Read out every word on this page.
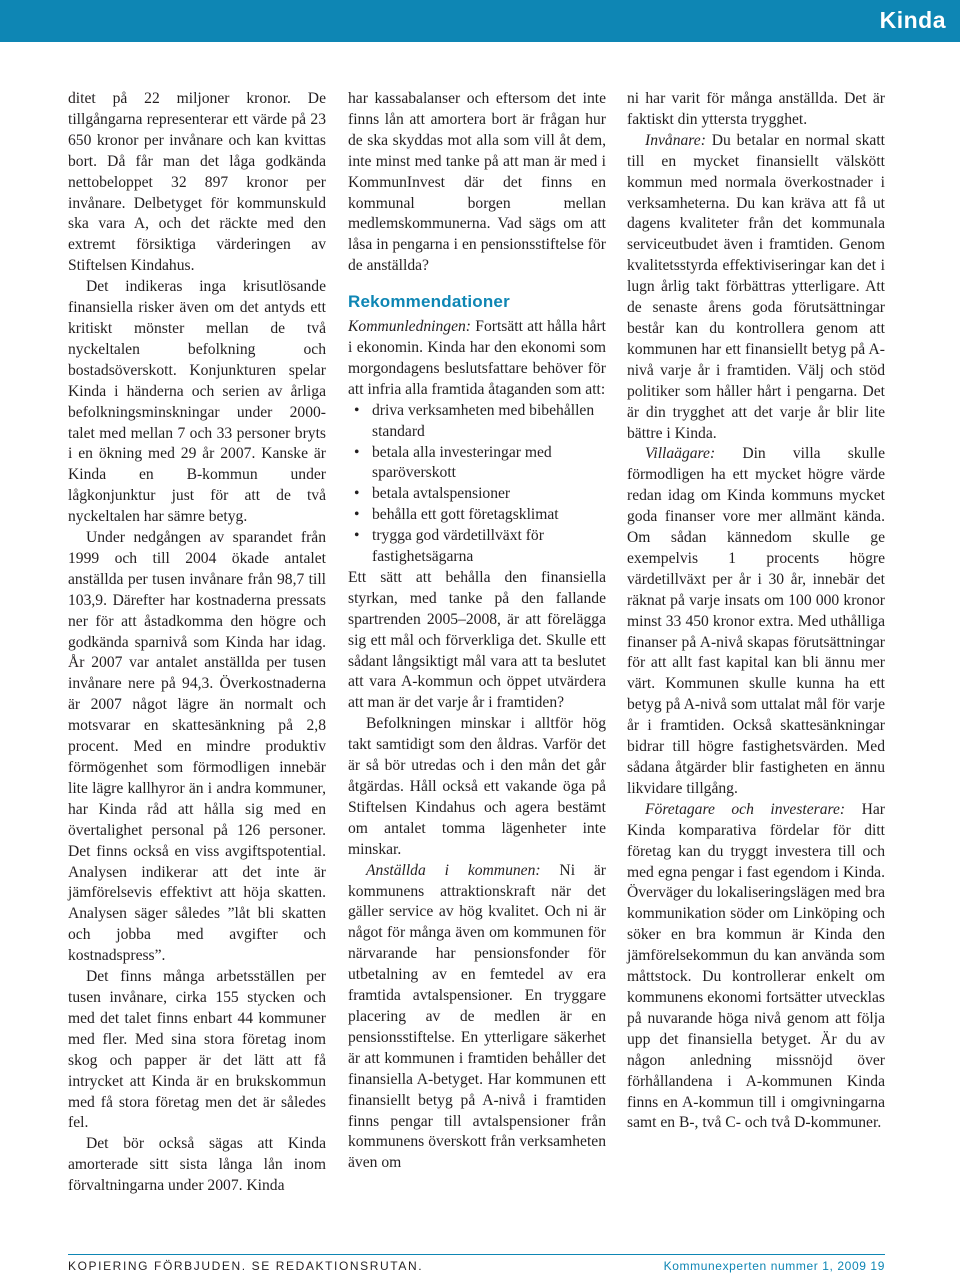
Kinda

ditet på 22 miljoner kronor. De tillgångarna representerar ett värde på 23 650 kronor per invånare och kan kvittas bort. Då får man det låga godkända nettobeloppet 32 897 kronor per invånare. Delbetyget för kommunskuld ska vara A, och det räckte med den extremt försiktiga värderingen av Stiftelsen Kindahus.

Det indikeras inga krisutlösande finansiella risker även om det antyds ett kritiskt mönster mellan de två nyckeltalen befolkning och bostadsöverskott. Konjunkturen spelar Kinda i händerna och serien av årliga befolkningsminskningar under 2000-talet med mellan 7 och 33 personer bryts i en ökning med 29 år 2007. Kanske är Kinda en B-kommun under lågkonjunktur just för att de två nyckeltalen har sämre betyg.

Under nedgången av sparandet från 1999 och till 2004 ökade antalet anställda per tusen invånare från 98,7 till 103,9. Därefter har kostnaderna pressats ner för att åstadkomma den högre och godkända sparnivå som Kinda har idag. År 2007 var antalet anställda per tusen invånare nere på 94,3. Överkostnaderna är 2007 något lägre än normalt och motsvarar en skattesänkning på 2,8 procent. Med en mindre produktiv förmögenhet som förmodligen innebär lite lägre kallhyror än i andra kommuner, har Kinda råd att hålla sig med en övertalighet personal på 126 personer. Det finns också en viss avgiftspotential. Analysen indikerar att det inte är jämförelsevis effektivt att höja skatten. Analysen säger således ”låt bli skatten och jobba med avgifter och kostnadspress”.

Det finns många arbetsställen per tusen invånare, cirka 155 stycken och med det talet finns enbart 44 kommuner med fler. Med sina stora företag inom skog och papper är det lätt att få intrycket att Kinda är en brukskommun med få stora företag men det är således fel.

Det bör också sägas att Kinda amorterade sitt sista långa lån inom förvaltningarna under 2007. Kinda

har kassabalanser och eftersom det inte finns lån att amortera bort är frågan hur de ska skyddas mot alla som vill åt dem, inte minst med tanke på att man är med i KommunInvest där det finns en kommunal borgen mellan medlemskommunerna. Vad sägs om att låsa in pengarna i en pensionsstiftelse för de anställda?

Rekommendationer

Kommunledningen: Fortsätt att hålla hårt i ekonomin. Kinda har den ekonomi som morgondagens beslutsfattare behöver för att infria alla framtida åtaganden som att:

• driva verksamheten med bibehållen standard
• betala alla investeringar med sparöverskott
• betala avtalspensioner
• behålla ett gott företagsklimat
• trygga god värdetillväxt för fastighetsägarna

Ett sätt att behålla den finansiella styrkan, med tanke på den fallande spartrenden 2005–2008, är att förelägga sig ett mål och förverkliga det. Skulle ett sådant långsiktigt mål vara att ta beslutet att vara A-kommun och öppet utvärdera att man är det varje år i framtiden?

Befolkningen minskar i alltför hög takt samtidigt som den åldras. Varför det är så bör utredas och i den mån det går åtgärdas. Håll också ett vakande öga på Stiftelsen Kindahus och agera bestämt om antalet tomma lägenheter inte minskar.

Anställda i kommunen: Ni är kommunens attraktionskraft när det gäller service av hög kvalitet. Och ni är något för många även om kommunen för närvarande har pensionsfonder för utbetalning av en femtedel av era framtida avtalspensioner. En tryggare placering av de medlen är en pensionsstiftelse. En ytterligare säkerhet är att kommunen i framtiden behåller det finansiella A-betyget. Har kommunen ett finansiellt betyg på A-nivå i framtiden finns pengar till avtalspensioner från kommunens överskott från verksamheten även om

ni har varit för många anställda. Det är faktiskt din yttersta trygghet.

Invånare: Du betalar en normal skatt till en mycket finansiellt välskött kommun med normala överkostnader i verksamheterna. Du kan kräva att få ut dagens kvaliteter från det kommunala serviceutbudet även i framtiden. Genom kvalitetsstyrda effektiviseringar kan det i lugn årlig takt förbättras ytterligare. Att de senaste årens goda förutsättningar består kan du kontrollera genom att kommunen har ett finansiellt betyg på A-nivå varje år i framtiden. Välj och stöd politiker som håller hårt i pengarna. Det är din trygghet att det varje år blir lite bättre i Kinda.

Villaägare: Din villa skulle förmodligen ha ett mycket högre värde redan idag om Kinda kommuns mycket goda finanser vore mer allmänt kända. Om sådan kännedom skulle ge exempelvis 1 procents högre värdetillväxt per år i 30 år, innebär det räknat på varje insats om 100 000 kronor minst 33 450 kronor extra. Med uthålliga finanser på A-nivå skapas förutsättningar för att allt fast kapital kan bli ännu mer värt. Kommunen skulle kunna ha ett betyg på A-nivå som uttalat mål för varje år i framtiden. Också skattesänkningar bidrar till högre fastighetsvärden. Med sådana åtgärder blir fastigheten en ännu likvidare tillgång.

Företagare och investerare: Har Kinda komparativa fördelar för ditt företag kan du tryggt investera till och med egna pengar i fast egendom i Kinda. Överväger du lokaliseringslägen med bra kommunikation söder om Linköping och söker en bra kommun är Kinda den jämförelsekommun du kan använda som måttstock. Du kontrollerar enkelt om kommunens ekonomi fortsätter utvecklas på nuvarande höga nivå genom att följa upp det finansiella betyget. Är du av någon anledning missnöjd över förhållandena i A-kommunen Kinda finns en A-kommun till i omgivningarna samt en B-, två C- och två D-kommuner.

KOPIERING FÖRBJUDEN. SE REDAKTIONSRUTAN.	Kommunexperten nummer 1, 2009 19
